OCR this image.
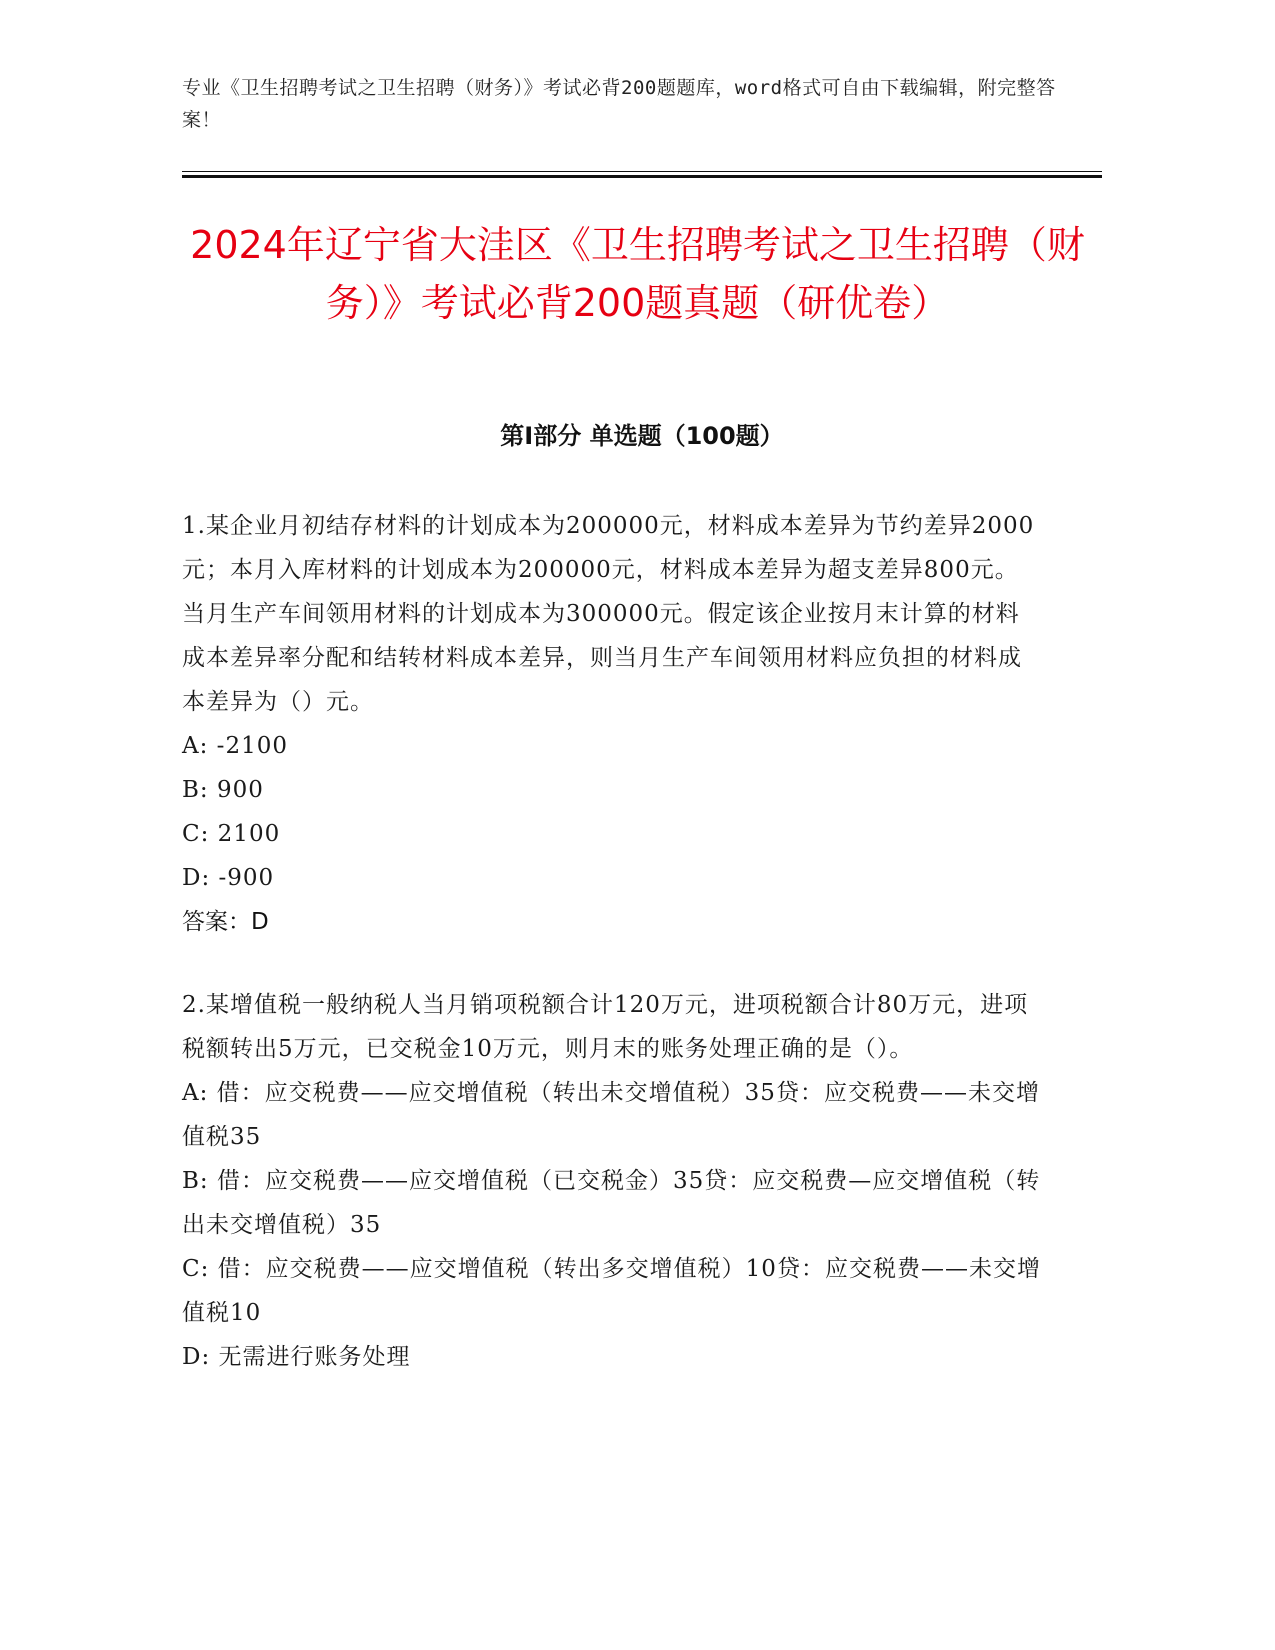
专业《卫生招聘考试之卫生招聘（财务）》考试必背200题题库，word格式可自由下载编辑，附完整答案！
2024年辽宁省大洼区《卫生招聘考试之卫生招聘（财务）》考试必背200题真题（研优卷）
第I部分 单选题（100题）

1.某企业月初结存材料的计划成本为200000元，材料成本差异为节约差异2000元；本月入库材料的计划成本为200000元，材料成本差异为超支差异800元。当月生产车间领用材料的计划成本为300000元。假定该企业按月末计算的材料成本差异率分配和结转材料成本差异，则当月生产车间领用材料应负担的材料成本差异为（）元。

A: -2100

B: 900

C: 2100

D: -900

答案：D

2.某增值税一般纳税人当月销项税额合计120万元，进项税额合计80万元，进项税额转出5万元，已交税金10万元，则月末的账务处理正确的是（）。

A: 借：应交税费——应交增值税（转出未交增值税）35贷：应交税费——未交增值税35

B: 借：应交税费——应交增值税（已交税金）35贷：应交税费—应交增值税（转出未交增值税）35

C: 借：应交税费——应交增值税（转出多交增值税）10贷：应交税费——未交增值税10

D: 无需进行账务处理
